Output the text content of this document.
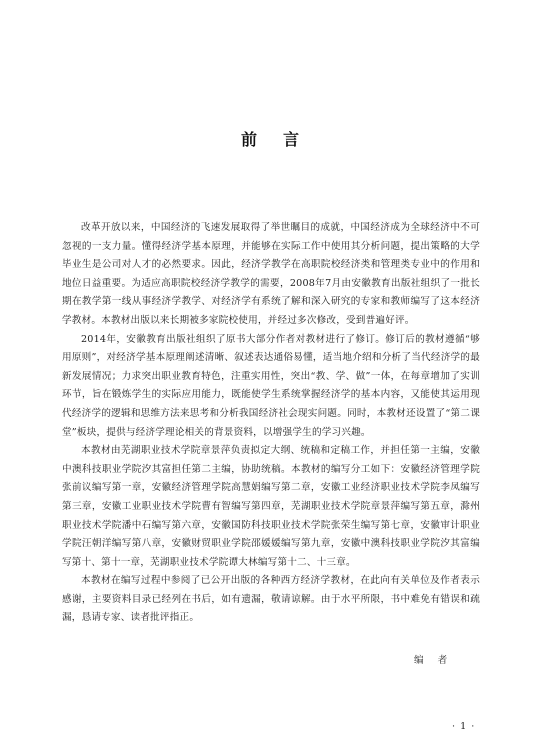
前言

改革开放以来，中国经济的飞速发展取得了举世瞩目的成就，中国经济成为全球经济中不可忽视的一支力量。懂得经济学基本原理，并能够在实际工作中使用其分析问题，提出策略的大学毕业生是公司对人才的必然要求。因此，经济学教学在高职院校经济类和管理类专业中的作用和地位日益重要。为适应高职院校经济学教学的需要，2008年7月由安徽教育出版社组织了一批长期在教学第一线从事经济学教学、对经济学有系统了解和深入研究的专家和教师编写了这本经济学教材。本教材出版以来长期被多家院校使用，并经过多次修改，受到普遍好评。

2014年，安徽教育出版社组织了原书大部分作者对教材进行了修订。修订后的教材遵循“够用原则”，对经济学基本原理阐述清晰、叙述表达通俗易懂，适当地介绍和分析了当代经济学的最新发展情况；力求突出职业教育特色，注重实用性，突出“教、学、做”一体，在每章增加了实训环节，旨在锻炼学生的实际应用能力，既能使学生系统掌握经济学的基本内容，又能使其运用现代经济学的逻辑和思维方法来思考和分析我国经济社会现实问题。同时，本教材还设置了“第二课堂”板块，提供与经济学理论相关的背景资料，以增强学生的学习兴趣。

本教材由芜湖职业技术学院章景萍负责拟定大纲、统稿和定稿工作，并担任第一主编，安徽中澳科技职业学院汐其富担任第二主编，协助统稿。本教材的编写分工如下：安徽经济管理学院张前议编写第一章，安徽经济管理学院高慧娟编写第二章，安徽工业经济职业技术学院李凤编写第三章，安徽工业职业技术学院曹有智编写第四章，芜湖职业技术学院章景萍编写第五章，滁州职业技术学院潘中石编写第六章，安徽国防科技职业技术学院张荣生编写第七章，安徽审计职业学院汪朝洋编写第八章，安徽财贸职业学院邵媛媛编写第九章，安徽中澳科技职业学院汐其富编写第十、第十一章，芜湖职业技术学院谭大林编写第十二、十三章。

本教材在编写过程中参阅了已公开出版的各种西方经济学教材，在此向有关单位及作者表示感谢，主要资料目录已经列在书后，如有遗漏，敬请谅解。由于水平所限，书中难免有错误和疏漏，恳请专家、读者批评指正。

编者
· 1 ·
